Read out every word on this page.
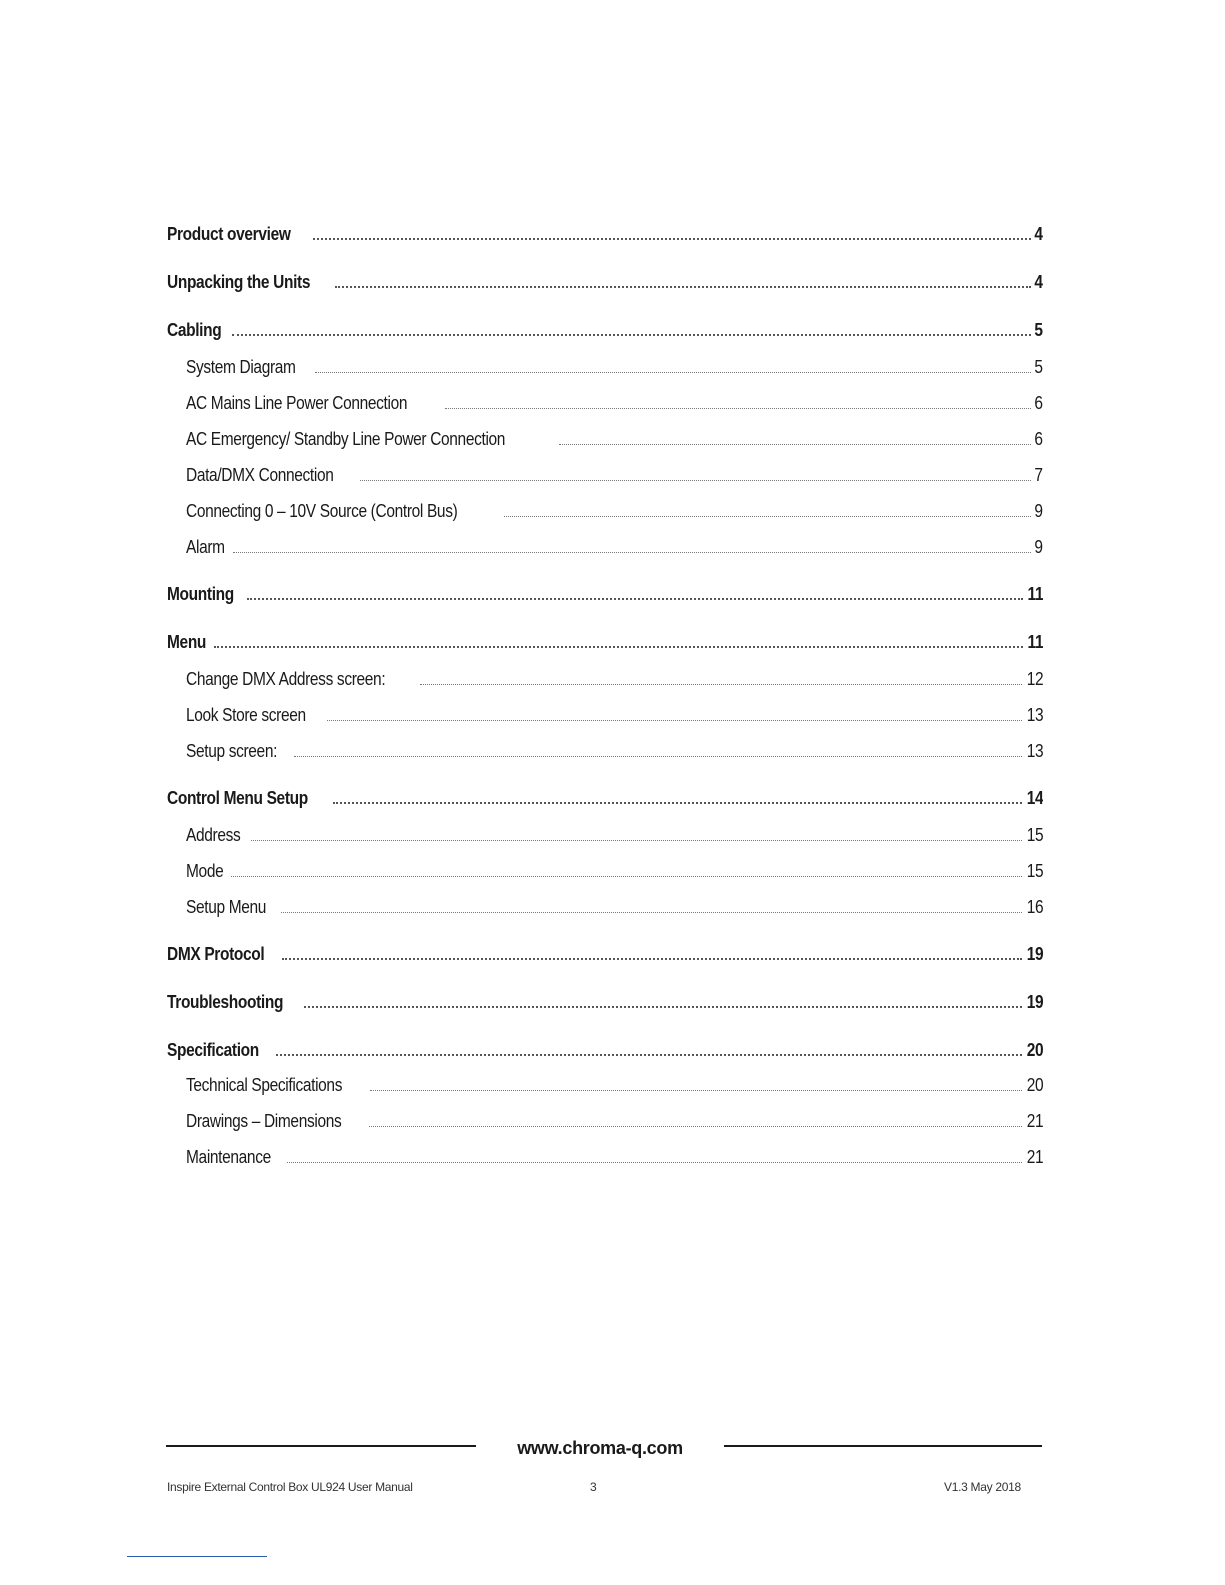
Product overview	4
Unpacking the Units	4
Cabling	5
System Diagram	5
AC Mains Line Power Connection	6
AC Emergency/ Standby Line Power Connection	6
Data/DMX Connection	7
Connecting 0 – 10V Source (Control Bus)	9
Alarm	9
Mounting	11
Menu	11
Change DMX Address screen:	12
Look Store screen	13
Setup screen:	13
Control Menu Setup	14
Address	15
Mode	15
Setup Menu	16
DMX Protocol	19
Troubleshooting	19
Specification	20
Technical Specifications	20
Drawings – Dimensions	21
Maintenance	21
www.chroma-q.com
Inspire External Control Box UL924 User Manual	3	V1.3 May 2018
